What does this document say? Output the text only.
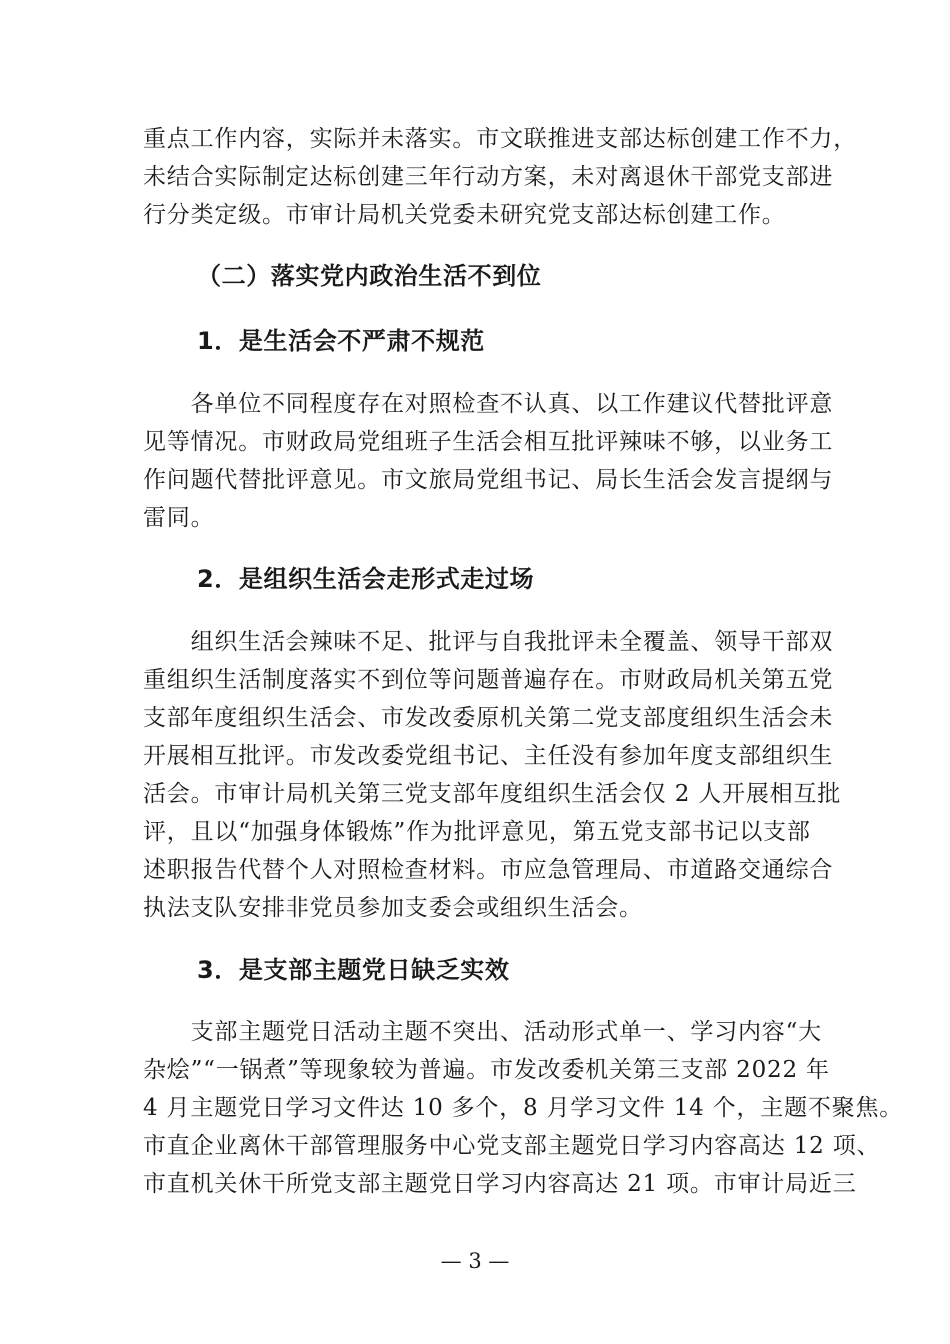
重点工作内容，实际并未落实。市文联推进支部达标创建工作不力，
未结合实际制定达标创建三年行动方案，未对离退休干部党支部进
行分类定级。市审计局机关党委未研究党支部达标创建工作。
（二）落实党内政治生活不到位
1．是生活会不严肃不规范
　　各单位不同程度存在对照检查不认真、以工作建议代替批评意
见等情况。市财政局党组班子生活会相互批评辣味不够，以业务工
作问题代替批评意见。市文旅局党组书记、局长生活会发言提纲与
雷同。
2．是组织生活会走形式走过场
　　组织生活会辣味不足、批评与自我批评未全覆盖、领导干部双
重组织生活制度落实不到位等问题普遍存在。市财政局机关第五党
支部年度组织生活会、市发改委原机关第二党支部度组织生活会未
开展相互批评。市发改委党组书记、主任没有参加年度支部组织生
活会。市审计局机关第三党支部年度组织生活会仅 2 人开展相互批
评，且以“加强身体锻炼”作为批评意见，第五党支部书记以支部
述职报告代替个人对照检查材料。市应急管理局、市道路交通综合
执法支队安排非党员参加支委会或组织生活会。
3．是支部主题党日缺乏实效
　　支部主题党日活动主题不突出、活动形式单一、学习内容“大
杂烩”“一锅煮”等现象较为普遍。市发改委机关第三支部 2022 年
4 月主题党日学习文件达 10 多个，8 月学习文件 14 个，主题不聚焦。
市直企业离休干部管理服务中心党支部主题党日学习内容高达 12 项、
市直机关休干所党支部主题党日学习内容高达 21 项。市审计局近三
— 3 —
